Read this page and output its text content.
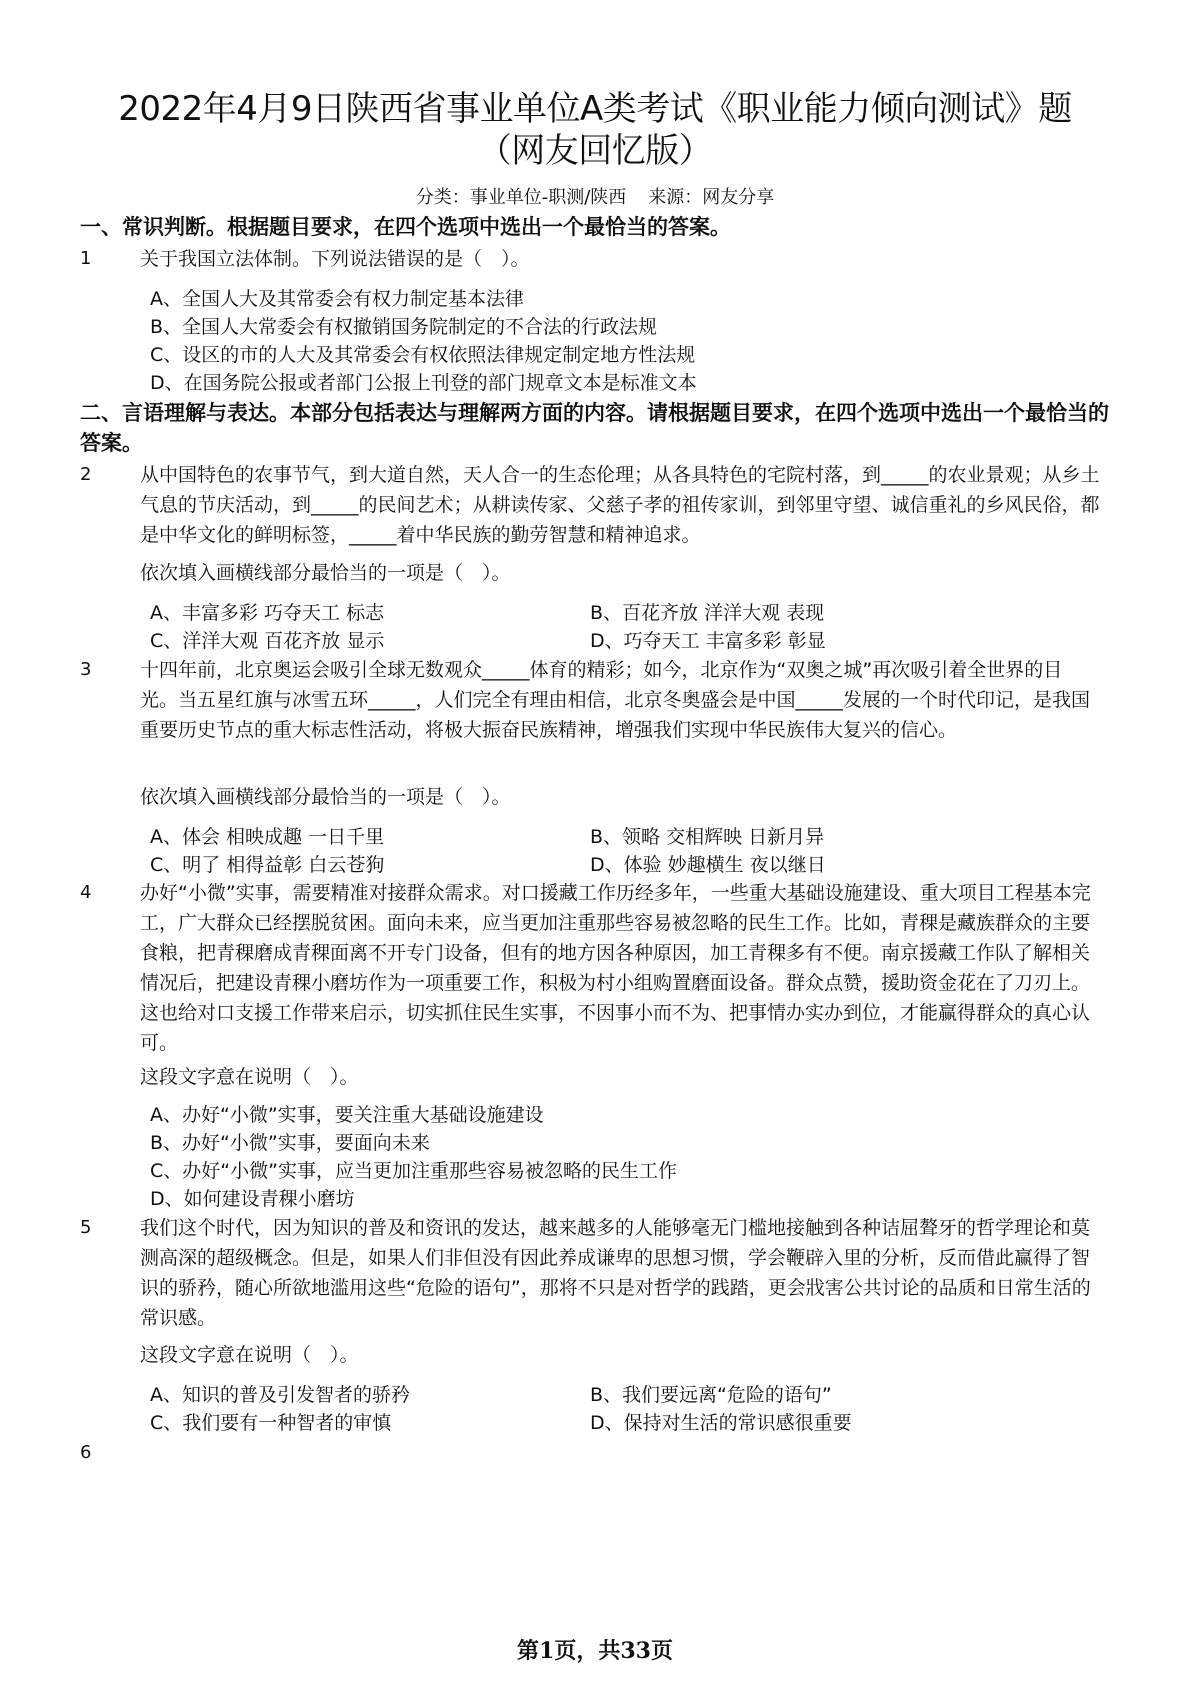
2022年4月9日陕西省事业单位A类考试《职业能力倾向测试》题
（网友回忆版）
分类：事业单位-职测/陕西 来源：网友分享
一、常识判断。根据题目要求，在四个选项中选出一个最恰当的答案。
1	关于我国立法体制。下列说法错误的是（　）。
A、全国人大及其常委会有权力制定基本法律
B、全国人大常委会有权撤销国务院制定的不合法的行政法规
C、设区的市的人大及其常委会有权依照法律规定制定地方性法规
D、在国务院公报或者部门公报上刊登的部门规章文本是标准文本
二、言语理解与表达。本部分包括表达与理解两方面的内容。请根据题目要求，在四个选项中选出一个最恰当的答案。
2	从中国特色的农事节气，到大道自然，天人合一的生态伦理；从各具特色的宅院村落，到_____的农业景观；从乡土气息的节庆活动，到_____的民间艺术；从耕读传家、父慈子孝的祖传家训，到邻里守望、诚信重礼的乡风民俗，都是中华文化的鲜明标签，_____着中华民族的勤劳智慧和精神追求。
依次填入画横线部分最恰当的一项是（　）。
A、丰富多彩 巧夺天工 标志	B、百花齐放 洋洋大观 表现
C、洋洋大观 百花齐放 显示	D、巧夺天工 丰富多彩 彰显
3	十四年前，北京奥运会吸引全球无数观众_____体育的精彩；如今，北京作为“双奥之城”再次吸引着全世界的目光。当五星红旗与冰雪五环_____，人们完全有理由相信，北京冬奥盛会是中国_____发展的一个时代印记，是我国重要历史节点的重大标志性活动，将极大振奋民族精神，增强我们实现中华民族伟大复兴的信心。
依次填入画横线部分最恰当的一项是（　）。
A、体会 相映成趣 一日千里	B、领略 交相辉映 日新月异
C、明了 相得益彰 白云苍狗	D、体验 妙趣横生 夜以继日
4	办好“小微”实事，需要精准对接群众需求。对口援藏工作历经多年，一些重大基础设施建设、重大项目工程基本完工，广大群众已经摆脱贫困。面向未来，应当更加注重那些容易被忽略的民生工作。比如，青稞是藏族群众的主要食粮，把青稞磨成青稞面离不开专门设备，但有的地方因各种原因，加工青稞多有不便。南京援藏工作队了解相关情况后，把建设青稞小磨坊作为一项重要工作，积极为村小组购置磨面设备。群众点赞，援助资金花在了刀刃上。这也给对口支援工作带来启示，切实抓住民生实事，不因事小而不为、把事情办实办到位，才能赢得群众的真心认可。
这段文字意在说明（　）。
A、办好“小微”实事，要关注重大基础设施建设
B、办好“小微”实事，要面向未来
C、办好“小微”实事，应当更加注重那些容易被忽略的民生工作
D、如何建设青稞小磨坊
5	我们这个时代，因为知识的普及和资讯的发达，越来越多的人能够毫无门槛地接触到各种诘屈聱牙的哲学理论和莫测高深的超级概念。但是，如果人们非但没有因此养成谦卑的思想习惯，学会鞭辟入里的分析，反而借此赢得了智识的骄矜，随心所欲地滥用这些“危险的语句”，那将不只是对哲学的践踏，更会戕害公共讨论的品质和日常生活的常识感。
这段文字意在说明（　）。
A、知识的普及引发智者的骄矜	B、我们要远离“危险的语句”
C、我们要有一种智者的审慎	D、保持对生活的常识感很重要
6
第1页，共33页
